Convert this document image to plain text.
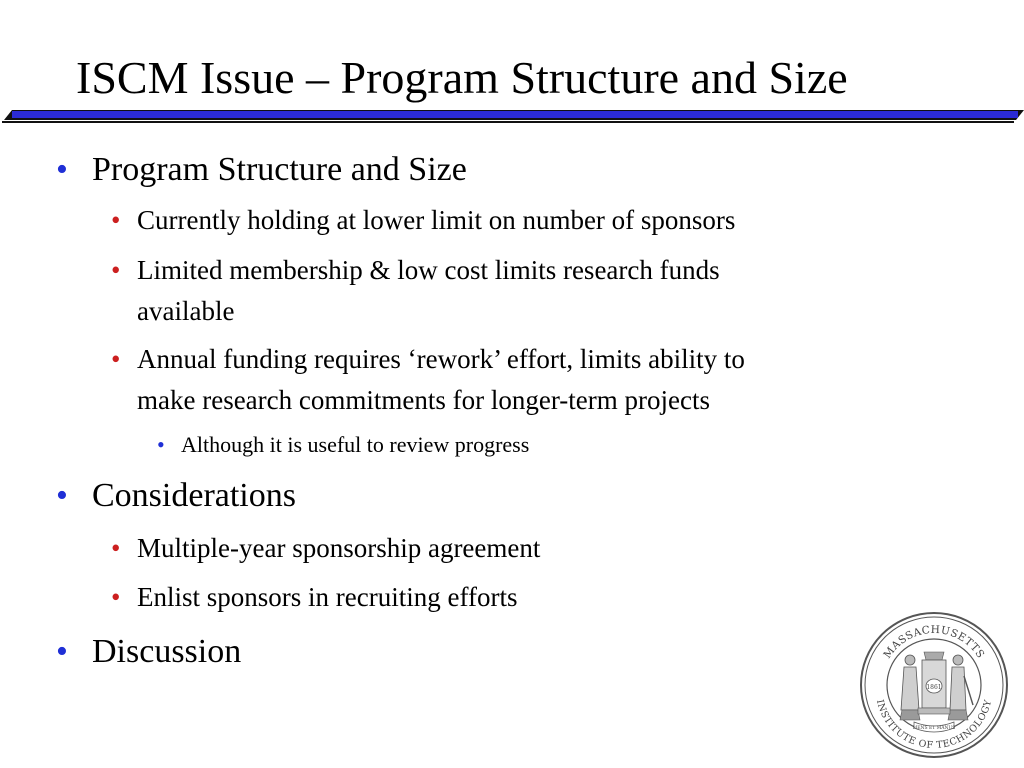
ISCM Issue – Program Structure and Size
• Program Structure and Size
• Currently holding at lower limit on number of sponsors
• Limited membership & low cost limits research funds
available
• Annual funding requires ‘rework’ effort, limits ability to
make research commitments for longer-term projects
• Although it is useful to review progress
• Considerations
• Multiple-year sponsorship agreement
• Enlist sponsors in recruiting efforts
• Discussion	MASSACHUSETTS
INSTITUTE OF TECHNOLOGY
1861
MENS ET MANUS
